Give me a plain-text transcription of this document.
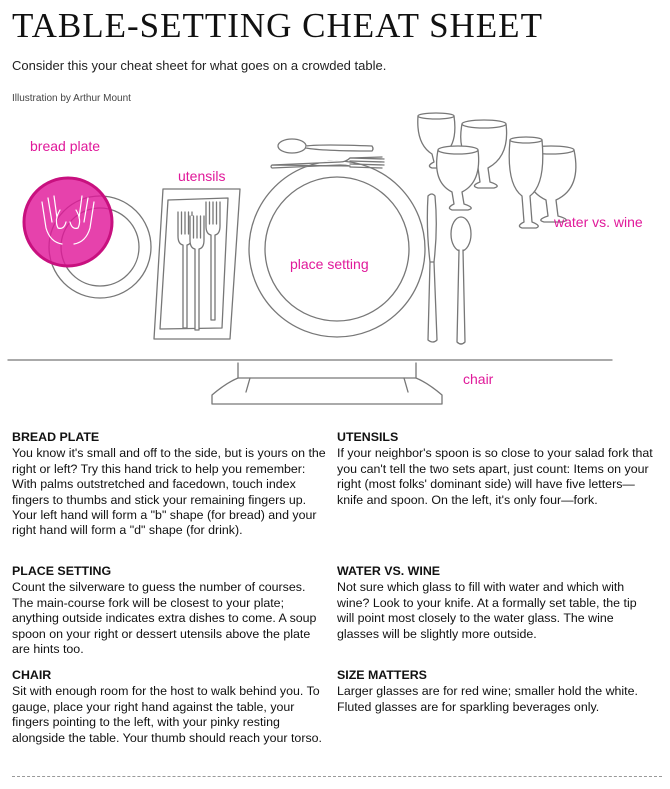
TABLE-SETTING CHEAT SHEET
Consider this your cheat sheet for what goes on a crowded table.
Illustration by Arthur Mount
bread plate
utensils
place setting
water vs. wine
chair
BREAD PLATE

You know it's small and off to the side, but is yours on the right or left? Try this hand trick to help you remember: With palms outstretched and facedown, touch index fingers to thumbs and stick your remaining fingers up. Your left hand will form a "b" shape (for bread) and your right hand will form a "d" shape (for drink).

UTENSILS

If your neighbor's spoon is so close to your salad fork that you can't tell the two sets apart, just count: Items on your right (most folks' dominant side) will have five letters—knife and spoon. On the left, it's only four—fork.

PLACE SETTING

Count the silverware to guess the number of courses. The main-course fork will be closest to your plate; anything outside indicates extra dishes to come. A soup spoon on your right or dessert utensils above the plate are hints too.

WATER VS. WINE

Not sure which glass to fill with water and which with wine? Look to your knife. At a formally set table, the tip will point most closely to the water glass. The wine glasses will be slightly more outside.

CHAIR

Sit with enough room for the host to walk behind you. To gauge, place your right hand against the table, your fingers pointing to the left, with your pinky resting alongside the table. Your thumb should reach your torso.

SIZE MATTERS

Larger glasses are for red wine; smaller hold the white. Fluted glasses are for sparkling beverages only.
